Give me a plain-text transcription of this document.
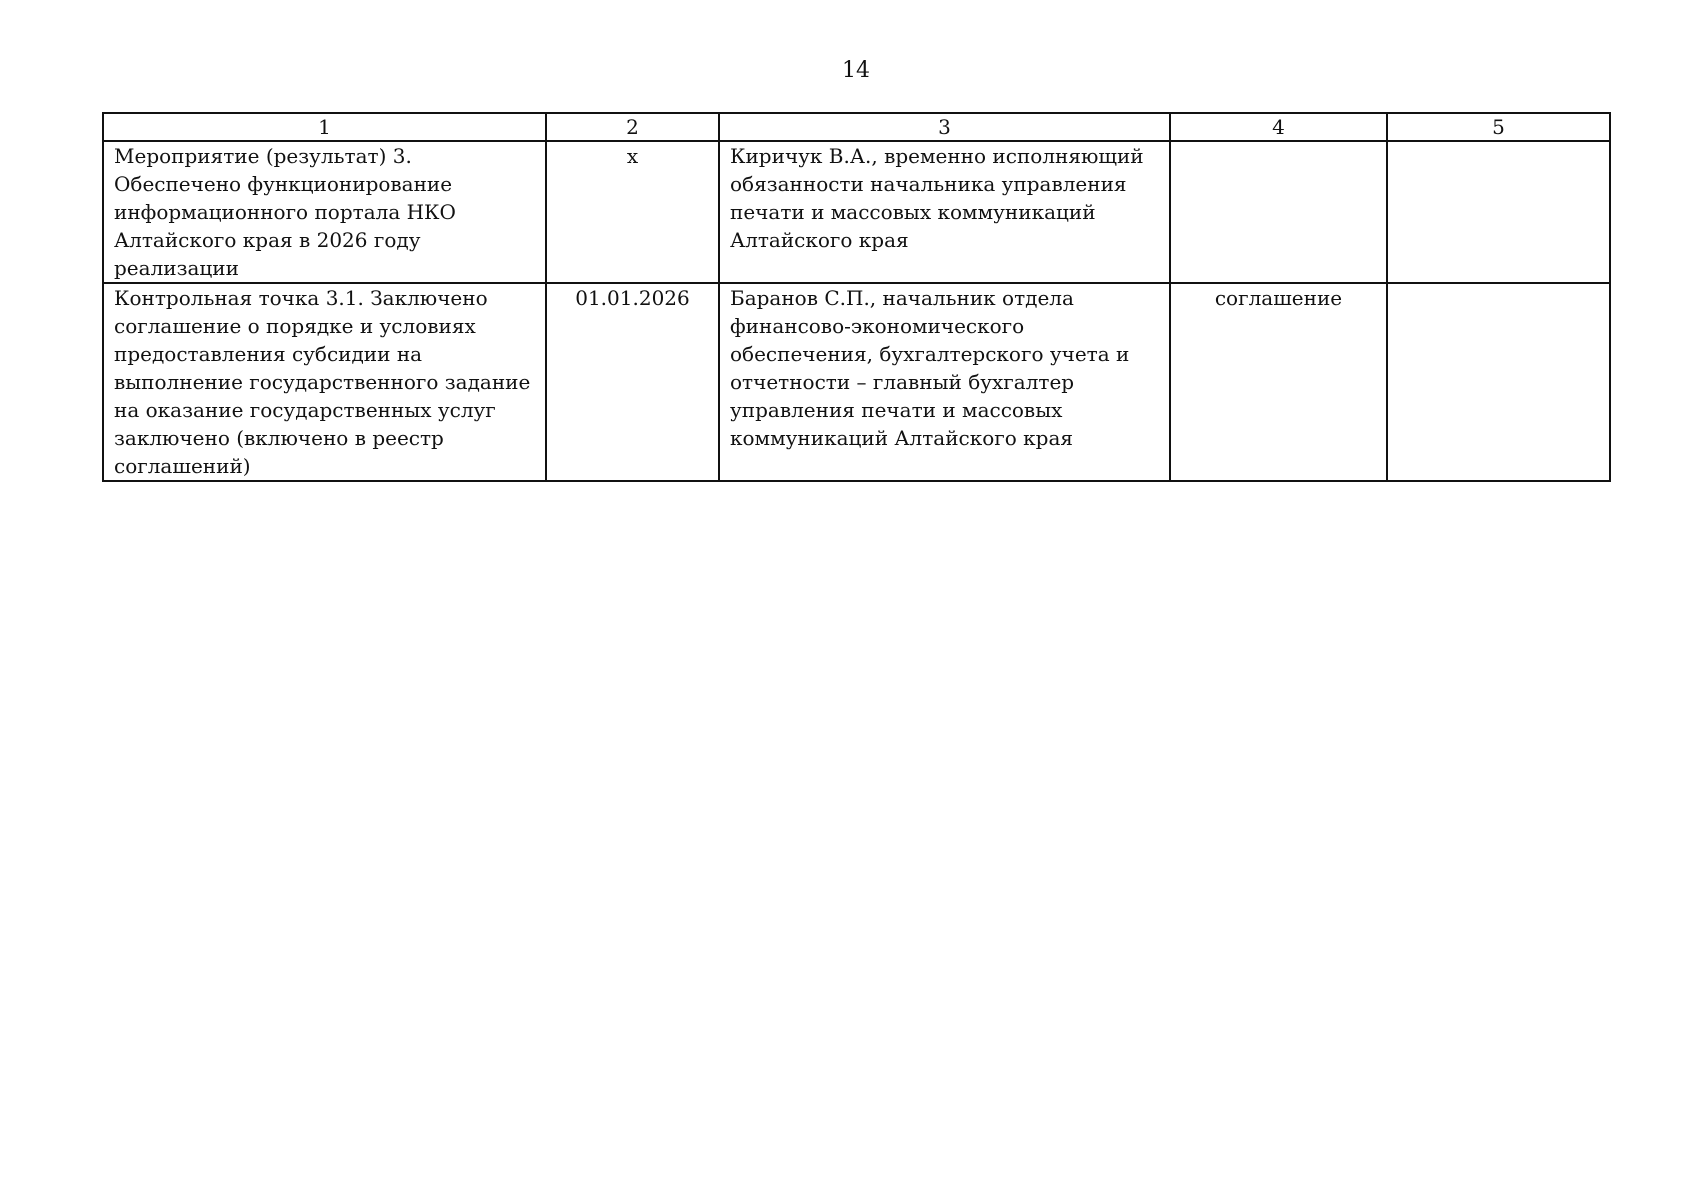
14
1	2	3	4	5
Мероприятие (результат) 3. Обеспечено функционирование информационного портала НКО Алтайского края в 2026 году реализации	х	Киричук В.А., временно исполняющий обязанности начальника управления печати и массовых коммуникаций Алтайского края		
Контрольная точка 3.1. Заключено соглашение о порядке и условиях предоставления субсидии на выполнение государственного задание на оказание государственных услуг заключено (включено в реестр соглашений)	01.01.2026	Баранов С.П., начальник отдела финансово-экономического обеспечения, бухгалтерского учета и отчетности – главный бухгалтер управления печати и массовых коммуникаций Алтайского края	соглашение	
